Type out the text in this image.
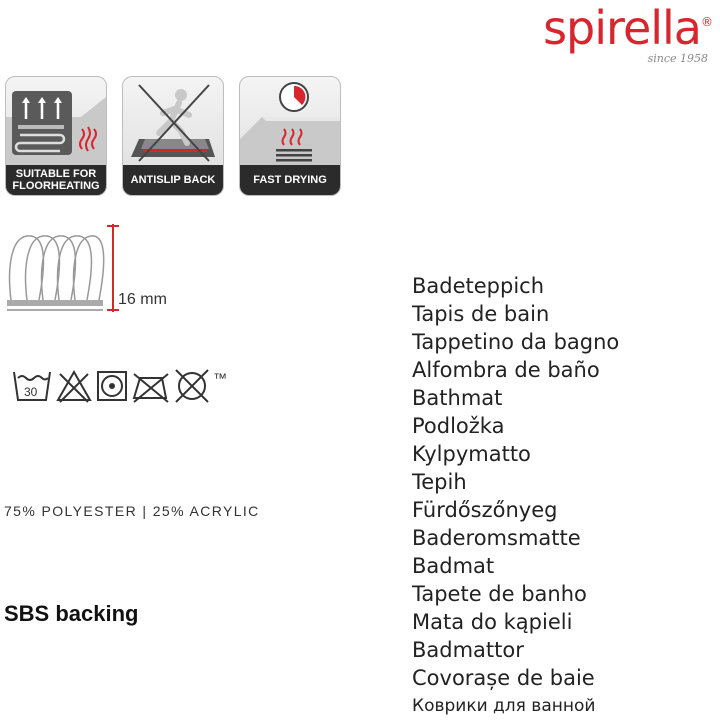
spirella®
since 1958
SUITABLE FOR FLOORHEATING	ANTISLIP BACK	FAST DRYING
16 mm
30
™
75% POLYESTER | 25% ACRYLIC
SBS backing
Badeteppich
Tapis de bain
Tappetino da bagno
Alfombra de baño
Bathmat
Podložka
Kylpymatto
Tepih
Fürdőszőnyeg
Baderomsmatte
Badmat
Tapete de banho
Mata do kąpieli
Badmattor
Covorașe de baie
Коврики для ванной
